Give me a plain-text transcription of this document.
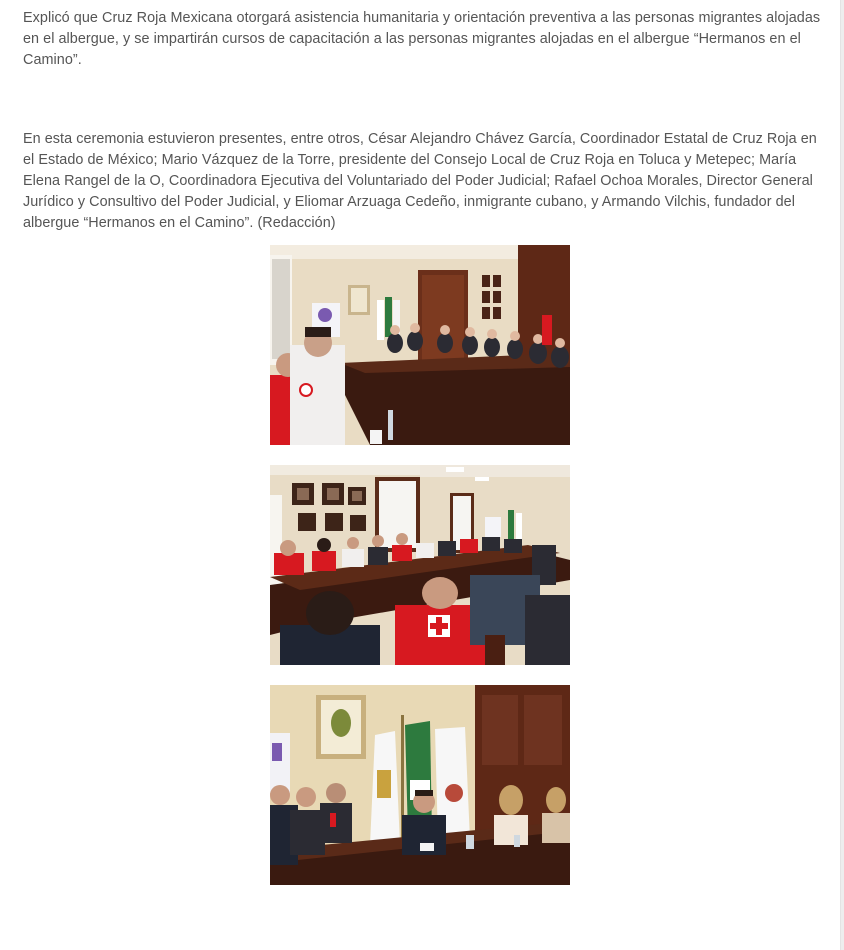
Explicó que Cruz Roja Mexicana otorgará asistencia humanitaria y orientación preventiva a las personas migrantes alojadas en el albergue, y se impartirán cursos de capacitación a las personas migrantes alojadas en el albergue “Hermanos en el Camino”.

En esta ceremonia estuvieron presentes, entre otros, César Alejandro Chávez García, Coordinador Estatal de Cruz Roja en el Estado de México; Mario Vázquez de la Torre, presidente del Consejo Local de Cruz Roja en Toluca y Metepec; María Elena Rangel de la O, Coordinadora Ejecutiva del Voluntariado del Poder Judicial; Rafael Ochoa Morales, Director General Jurídico y Consultivo del Poder Judicial, y Eliomar Arzuaga Cedeño, inmigrante cubano, y Armando Vilchis, fundador del albergue “Hermanos en el Camino”. (Redacción)
